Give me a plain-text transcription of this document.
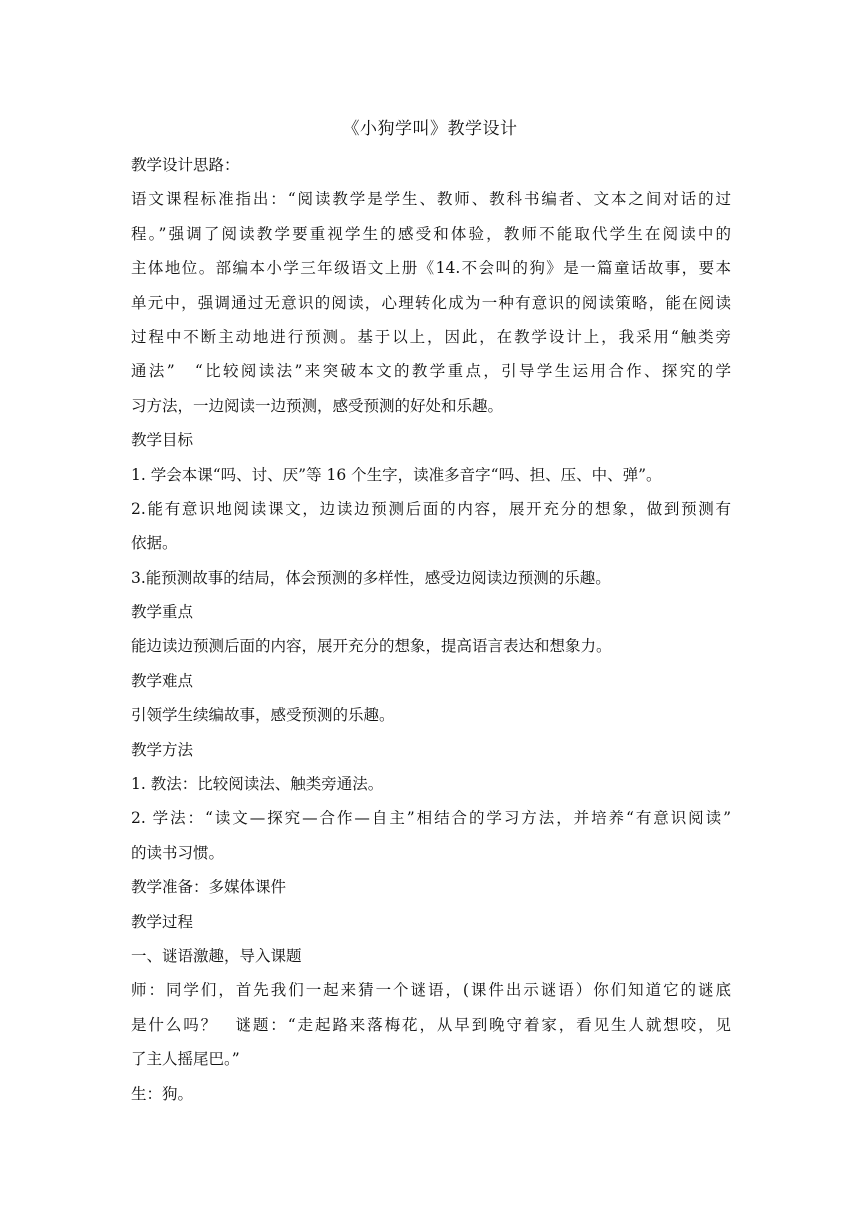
《小狗学叫》教学设计
教学设计思路：
语文课程标准指出：“阅读教学是学生、教师、教科书编者、文本之间对话的过
程。”强调了阅读教学要重视学生的感受和体验，教师不能取代学生在阅读中的
主体地位。部编本小学三年级语文上册《14.不会叫的狗》是一篇童话故事，要本
单元中，强调通过无意识的阅读，心理转化成为一种有意识的阅读策略，能在阅读
过程中不断主动地进行预测。基于以上，因此，在教学设计上，我采用“触类旁
通法”　“比较阅读法”来突破本文的教学重点，引导学生运用合作、探究的学
习方法，一边阅读一边预测，感受预测的好处和乐趣。
教学目标
1. 学会本课“吗、讨、厌”等 16 个生字，读准多音字“吗、担、压、中、弹”。
2.能有意识地阅读课文，边读边预测后面的内容，展开充分的想象，做到预测有
依据。
3.能预测故事的结局，体会预测的多样性，感受边阅读边预测的乐趣。
教学重点
能边读边预测后面的内容，展开充分的想象，提高语言表达和想象力。
教学难点
引领学生续编故事，感受预测的乐趣。
教学方法
1. 教法：比较阅读法、触类旁通法。
2. 学法：“读文—探究—合作—自主”相结合的学习方法，并培养“有意识阅读”
的读书习惯。
教学准备：多媒体课件
教学过程
一、谜语激趣，导入课题
师：同学们，首先我们一起来猜一个谜语，(课件出示谜语）你们知道它的谜底
是什么吗？　谜题：“走起路来落梅花，从早到晚守着家，看见生人就想咬，见
了主人摇尾巴。”
生：狗。
